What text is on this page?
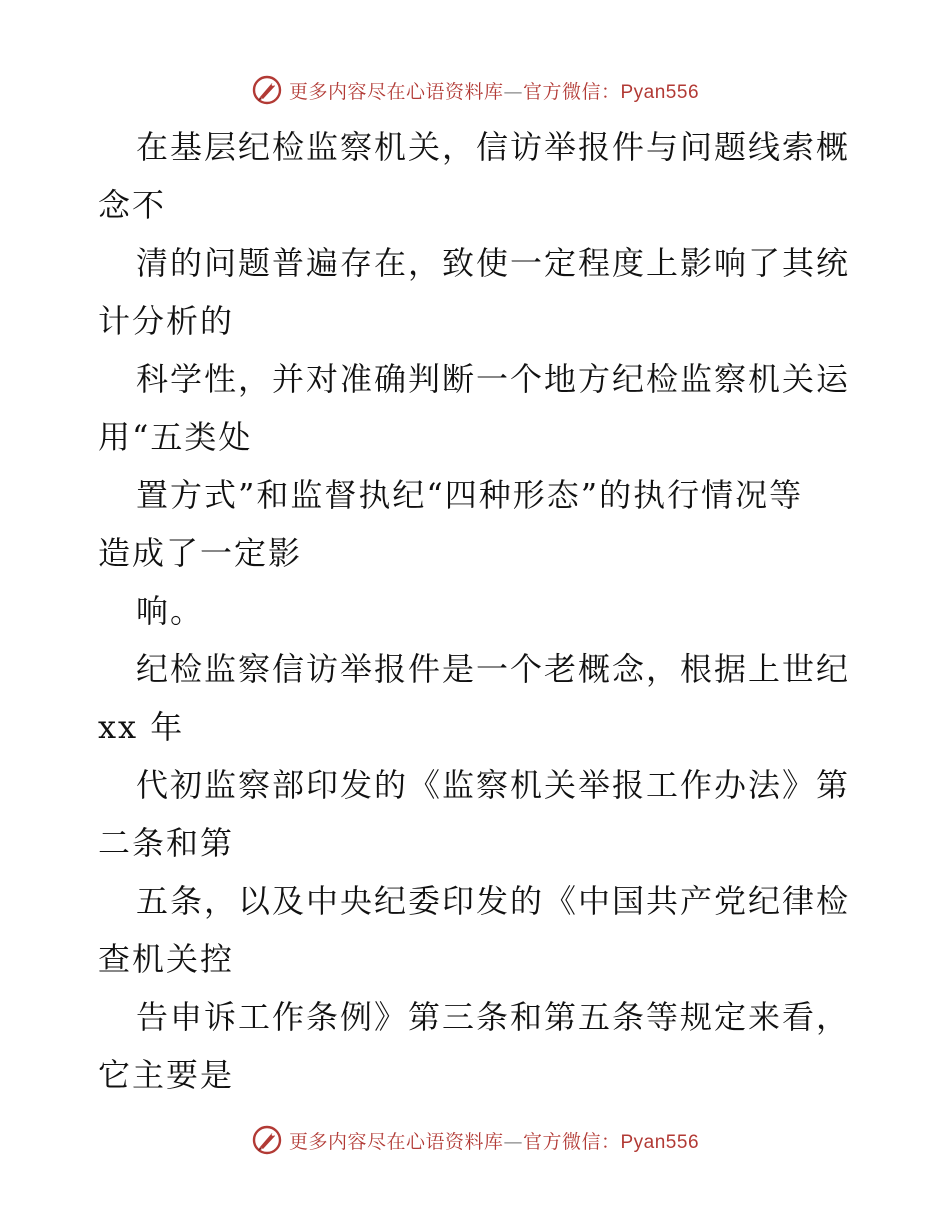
更多内容尽在心语资料库—官方微信：Pyan556

在基层纪检监察机关，信访举报件与问题线索概
念不

清的问题普遍存在，致使一定程度上影响了其统
计分析的

科学性，并对准确判断一个地方纪检监察机关运
用“五类处

置方式”和监督执纪“四种形态”的执行情况等
造成了一定影

响。

纪检监察信访举报件是一个老概念，根据上世纪
xx 年

代初监察部印发的《监察机关举报工作办法》第
二条和第

五条，以及中央纪委印发的《中国共产党纪律检
查机关控

告申诉工作条例》第三条和第五条等规定来看，
它主要是

更多内容尽在心语资料库—官方微信：Pyan556
